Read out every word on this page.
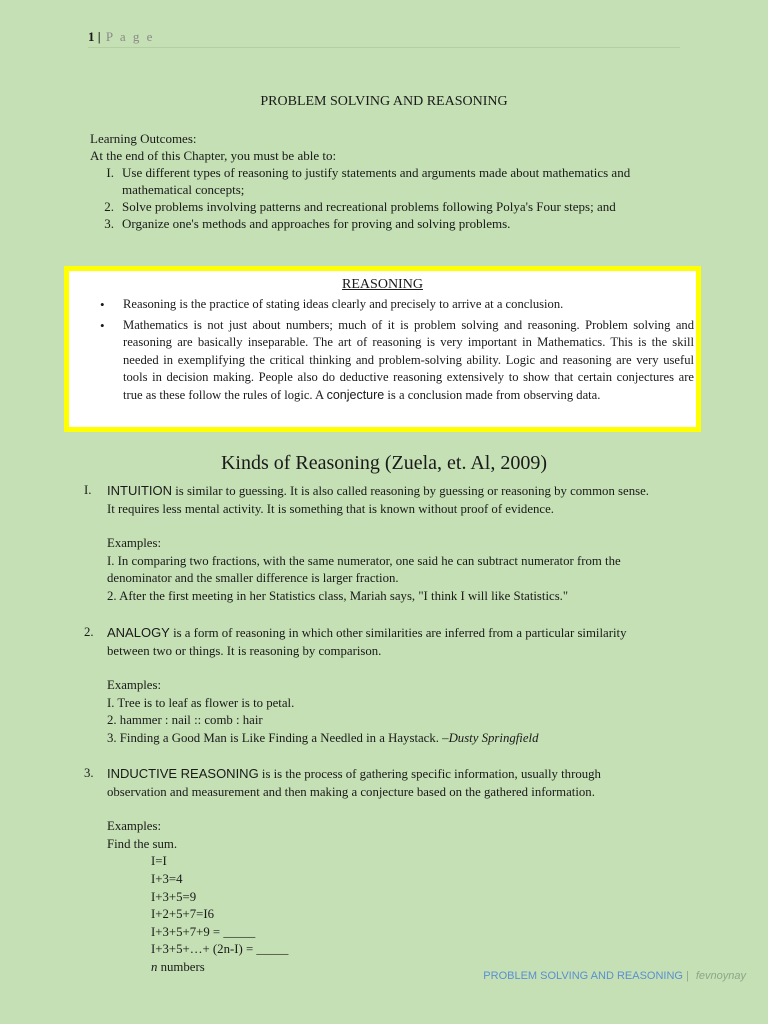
1 | P a g e
PROBLEM SOLVING AND REASONING
Learning Outcomes:
At the end of this Chapter, you must be able to:
I. Use different types of reasoning to justify statements and arguments made about mathematics and mathematical concepts;
2. Solve problems involving patterns and recreational problems following Polya's Four steps; and
3. Organize one's methods and approaches for proving and solving problems.
REASONING
• Reasoning is the practice of stating ideas clearly and precisely to arrive at a conclusion.
• Mathematics is not just about numbers; much of it is problem solving and reasoning. Problem solving and reasoning are basically inseparable. The art of reasoning is very important in Mathematics. This is the skill needed in exemplifying the critical thinking and problem-solving ability. Logic and reasoning are very useful tools in decision making. People also do deductive reasoning extensively to show that certain conjectures are true as these follow the rules of logic. A conjecture is a conclusion made from observing data.
Kinds of Reasoning (Zuela, et. Al, 2009)
I. INTUITION is similar to guessing. It is also called reasoning by guessing or reasoning by common sense.
It requires less mental activity. It is something that is known without proof of evidence.
Examples:
I. In comparing two fractions, with the same numerator, one said he can subtract numerator from the
denominator and the smaller difference is larger fraction.
2. After the first meeting in her Statistics class, Mariah says, "I think I will like Statistics."
2. ANALOGY is a form of reasoning in which other similarities are inferred from a particular similarity
between two or things. It is reasoning by comparison.
Examples:
I. Tree is to leaf as flower is to petal.
2. hammer : nail :: comb : hair
3. Finding a Good Man is Like Finding a Needled in a Haystack. –Dusty Springfield
3. INDUCTIVE REASONING is is the process of gathering specific information, usually through
observation and measurement and then making a conjecture based on the gathered information.
Examples:
Find the sum.
I=I
I+3=4
I+3+5=9
I+2+5+7=I6
I+3+5+7+9 = _____
I+3+5+…+ (2n-I) = _____
n numbers
PROBLEM SOLVING AND REASONING | fevnoynay
